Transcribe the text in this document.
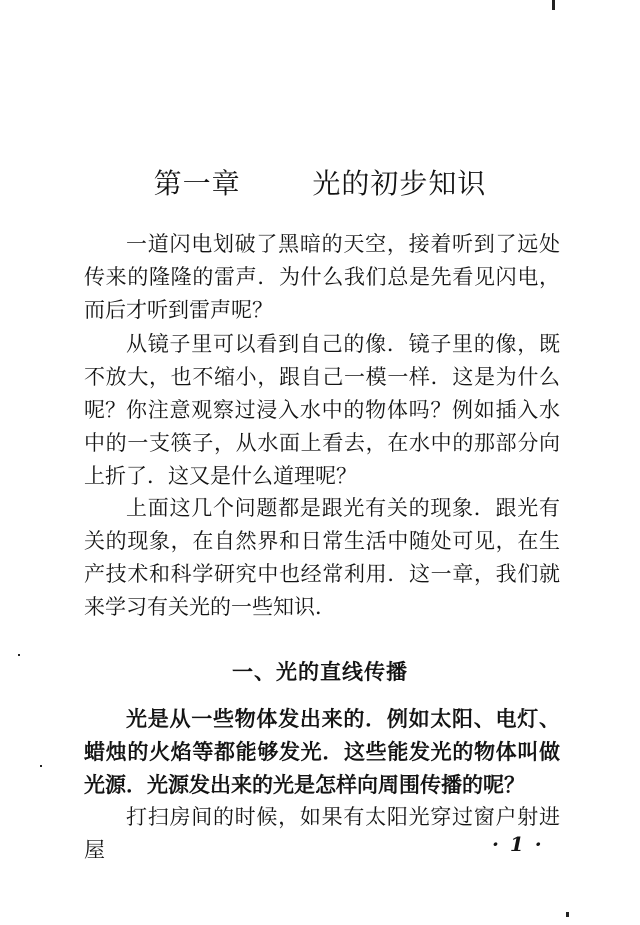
第一章   光的初步知识

一道闪电划破了黑暗的天空，接着听到了远处传来的隆隆的雷声．为什么我们总是先看见闪电，而后才听到雷声呢？

从镜子里可以看到自己的像．镜子里的像，既不放大，也不缩小，跟自己一模一样．这是为什么呢？ 你注意观察过浸入水中的物体吗？例如插入水中的一支筷子，从水面上看去，在水中的那部分向上折了．这又是什么道理呢？

上面这几个问题都是跟光有关的现象．跟光有关的现象，在自然界和日常生活中随处可见，在生产技术和科学研究中也经常利用．这一章，我们就来学习有关光的一些知识．

一、光的直线传播

光是从一些物体发出来的．例如太阳、电灯、蜡烛的火焰等都能够发光．这些能发光的物体叫做光源．光源发出来的光是怎样向周围传播的呢？

打扫房间的时候，如果有太阳光穿过窗户射进屋	· 1 ·
